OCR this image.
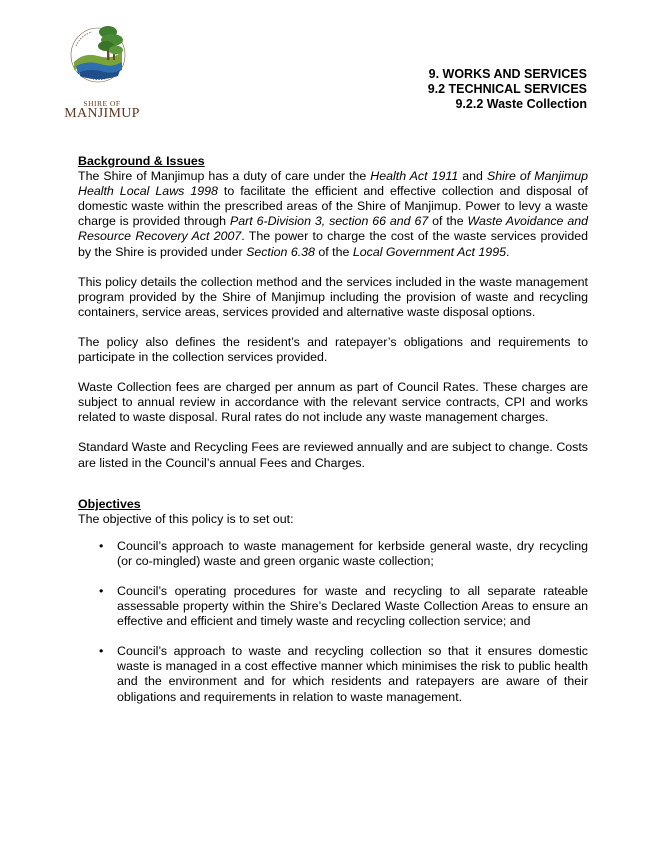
SHIRE OF
MANJIMUP
9. WORKS AND SERVICES
9.2 TECHNICAL SERVICES
9.2.2 Waste Collection
Background & Issues

The Shire of Manjimup has a duty of care under the Health Act 1911 and Shire of Manjimup Health Local Laws 1998 to facilitate the efficient and effective collection and disposal of domestic waste within the prescribed areas of the Shire of Manjimup. Power to levy a waste charge is provided through Part 6-Division 3, section 66 and 67 of the Waste Avoidance and Resource Recovery Act 2007. The power to charge the cost of the waste services provided by the Shire is provided under Section 6.38 of the Local Government Act 1995.

This policy details the collection method and the services included in the waste management program provided by the Shire of Manjimup including the provision of waste and recycling containers, service areas, services provided and alternative waste disposal options.

The policy also defines the resident’s and ratepayer’s obligations and requirements to participate in the collection services provided.

Waste Collection fees are charged per annum as part of Council Rates. These charges are subject to annual review in accordance with the relevant service contracts, CPI and works related to waste disposal. Rural rates do not include any waste management charges.

Standard Waste and Recycling Fees are reviewed annually and are subject to change. Costs are listed in the Council’s annual Fees and Charges.

Objectives

The objective of this policy is to set out:

• Council’s approach to waste management for kerbside general waste, dry recycling (or co-mingled) waste and green organic waste collection;
• Council’s operating procedures for waste and recycling to all separate rateable assessable property within the Shire’s Declared Waste Collection Areas to ensure an effective and efficient and timely waste and recycling collection service; and
• Council’s approach to waste and recycling collection so that it ensures domestic waste is managed in a cost effective manner which minimises the risk to public health and the environment and for which residents and ratepayers are aware of their obligations and requirements in relation to waste management.
